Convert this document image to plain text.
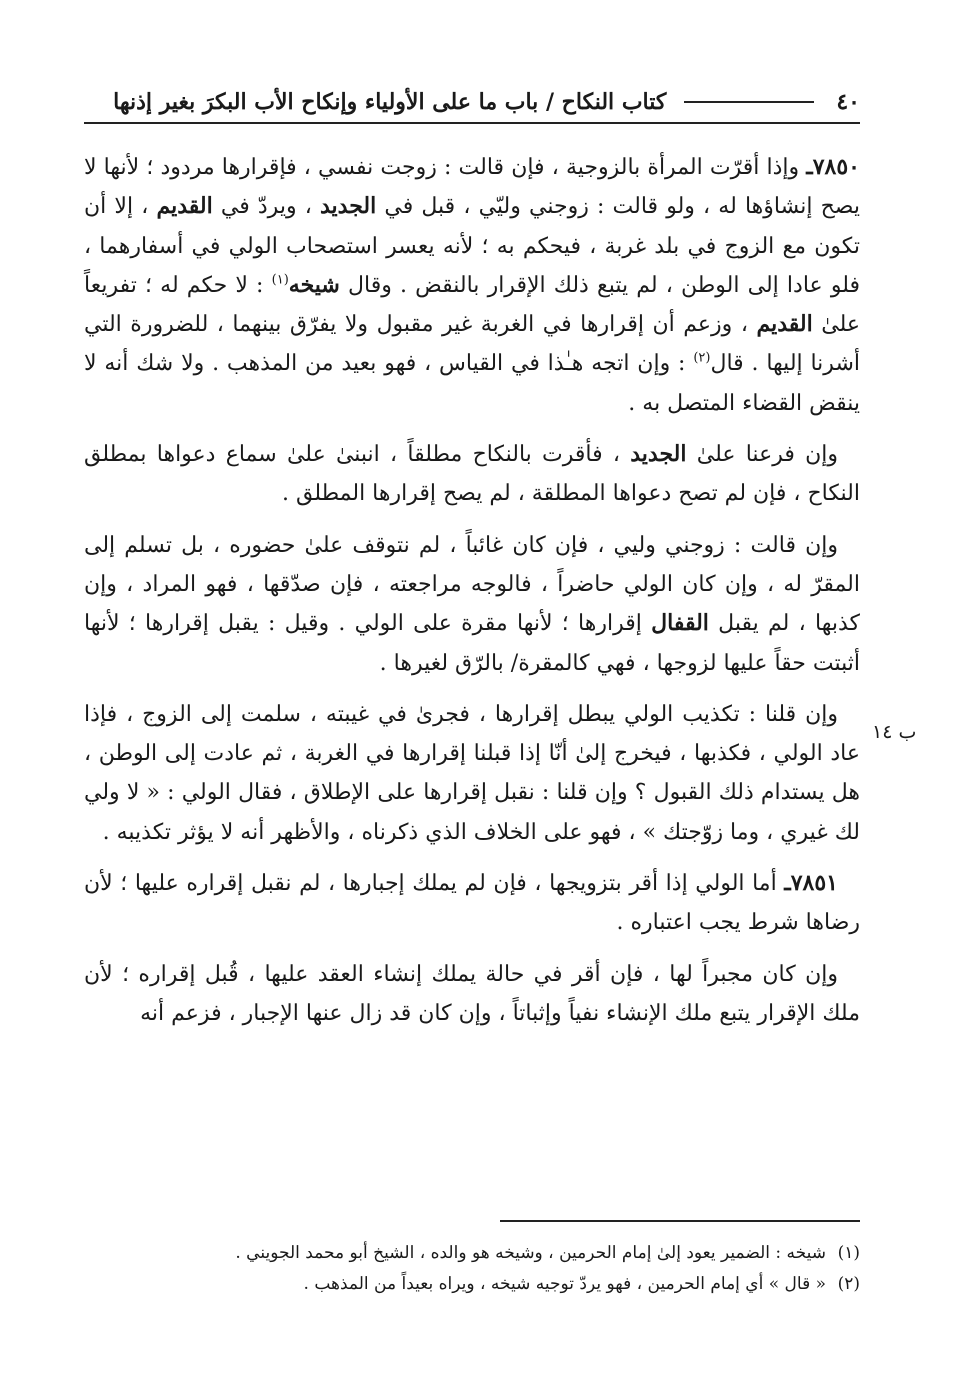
٤٠
كتاب النكاح / باب ما على الأولياء وإنكاح الأب البكرَ بغير إذنها

٧٨٥٠ـ وإذا أقرّت المرأة بالزوجية ، فإن قالت : زوجت نفسي ، فإقرارها مردود ؛ لأنها لا يصح إنشاؤها له ، ولو قالت : زوجني وليّي ، قبل في الجديد ، ويردّ في القديم ، إلا أن تكون مع الزوج في بلد غربة ، فيحكم به ؛ لأنه يعسر استصحاب الولي في أسفارهما ، فلو عادا إلى الوطن ، لم يتبع ذلك الإقرار بالنقض . وقال شيخه$^{(١)}$ : لا حكم له ؛ تفريعاً علىٰ القديم ، وزعم أن إقرارها في الغربة غير مقبول ولا يفرّق بينهما ، للضرورة التي أشرنا إليها . قال$^{(٢)}$ : وإن اتجه هـٰذا في القياس ، فهو بعيد من المذهب . ولا شك أنه لا ينقض القضاء المتصل به .

وإن فرعنا علىٰ الجديد ، فأقرت بالنكاح مطلقاً ، انبنىٰ علىٰ سماع دعواها بمطلق النكاح ، فإن لم تصح دعواها المطلقة ، لم يصح إقرارها المطلق .

وإن قالت : زوجني وليي ، فإن كان غائباً ، لم نتوقف علىٰ حضوره ، بل تسلم إلى المقرّ له ، وإن كان الولي حاضراً ، فالوجه مراجعته ، فإن صدّقها ، فهو المراد ، وإن كذبها ، لم يقبل القفال إقرارها ؛ لأنها مقرة على الولي . وقيل : يقبل إقرارها ؛ لأنها أثبتت حقاً عليها لزوجها ، فهي كالمقرة/ بالرّق لغيرها .

وإن قلنا : تكذيب الولي يبطل إقرارها ، فجرىٰ في غيبته ، سلمت إلى الزوج ، فإذا عاد الولي ، فكذبها ، فيخرج إلىٰ أنّا إذا قبلنا إقرارها في الغربة ، ثم عادت إلى الوطن ، هل يستدام ذلك القبول ؟ وإن قلنا : نقبل إقرارها على الإطلاق ، فقال الولي : « لا ولي لك غيري ، وما زوّجتك » ، فهو على الخلاف الذي ذكرناه ، والأظهر أنه لا يؤثر تكذيبه .

٧٨٥١ـ أما الولي إذا أقر بتزويجها ، فإن لم يملك إجبارها ، لم نقبل إقراره عليها ؛ لأن رضاها شرط يجب اعتباره .

وإن كان مجبراً لها ، فإن أقر في حالة يملك إنشاء العقد عليها ، قُبل إقراره ؛ لأن ملك الإقرار يتبع ملك الإنشاء نفياً وإثباتاً ، وإن كان قد زال عنها الإجبار ، فزعم أنه

ب ١٤

(١)شيخه : الضمير يعود إلىٰ إمام الحرمين ، وشيخه هو والده ، الشيخ أبو محمد الجويني .

(٢)« قال » أي إمام الحرمين ، فهو يردّ توجيه شيخه ، ويراه بعيداً من المذهب .
